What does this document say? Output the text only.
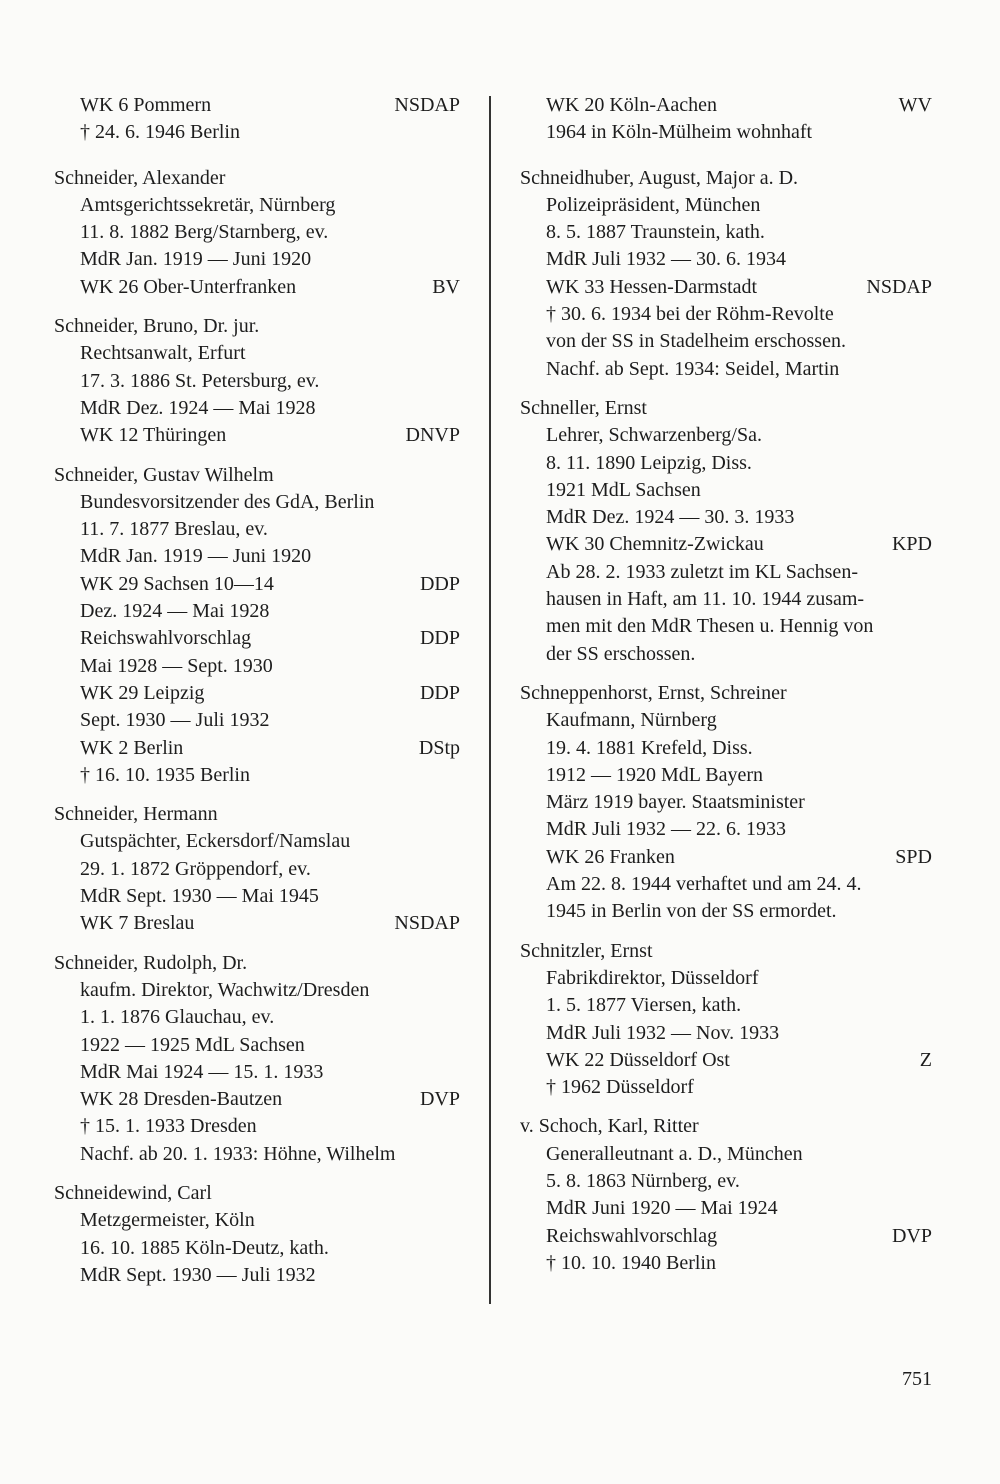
WK 6 Pommern	NSDAP
† 24. 6. 1946 Berlin
Schneider, Alexander
Amtsgerichtssekretär, Nürnberg
11. 8. 1882 Berg/Starnberg, ev.
MdR Jan. 1919 — Juni 1920
WK 26 Ober-Unterfranken	BV
Schneider, Bruno, Dr. jur.
Rechtsanwalt, Erfurt
17. 3. 1886 St. Petersburg, ev.
MdR Dez. 1924 — Mai 1928
WK 12 Thüringen	DNVP
Schneider, Gustav Wilhelm
Bundesvorsitzender des GdA, Berlin
11. 7. 1877 Breslau, ev.
MdR Jan. 1919 — Juni 1920
WK 29 Sachsen 10—14	DDP
Dez. 1924 — Mai 1928
Reichswahlvorschlag	DDP
Mai 1928 — Sept. 1930
WK 29 Leipzig	DDP
Sept. 1930 — Juli 1932
WK 2 Berlin	DStp
† 16. 10. 1935 Berlin
Schneider, Hermann
Gutspächter, Eckersdorf/Namslau
29. 1. 1872 Gröppendorf, ev.
MdR Sept. 1930 — Mai 1945
WK 7 Breslau	NSDAP
Schneider, Rudolph, Dr.
kaufm. Direktor, Wachwitz/Dresden
1. 1. 1876 Glauchau, ev.
1922 — 1925 MdL Sachsen
MdR Mai 1924 — 15. 1. 1933
WK 28 Dresden-Bautzen	DVP
† 15. 1. 1933 Dresden
Nachf. ab 20. 1. 1933: Höhne, Wilhelm
Schneidewind, Carl
Metzgermeister, Köln
16. 10. 1885 Köln-Deutz, kath.
MdR Sept. 1930 — Juli 1932
WK 20 Köln-Aachen	WV
1964 in Köln-Mülheim wohnhaft
Schneidhuber, August, Major a. D.
Polizeipräsident, München
8. 5. 1887 Traunstein, kath.
MdR Juli 1932 — 30. 6. 1934
WK 33 Hessen-Darmstadt	NSDAP
† 30. 6. 1934 bei der Röhm-Revolte
von der SS in Stadelheim erschossen.
Nachf. ab Sept. 1934: Seidel, Martin
Schneller, Ernst
Lehrer, Schwarzenberg/Sa.
8. 11. 1890 Leipzig, Diss.
1921 MdL Sachsen
MdR Dez. 1924 — 30. 3. 1933
WK 30 Chemnitz-Zwickau	KPD
Ab 28. 2. 1933 zuletzt im KL Sachsen-
hausen in Haft, am 11. 10. 1944 zusam-
men mit den MdR Thesen u. Hennig von
der SS erschossen.
Schneppenhorst, Ernst, Schreiner
Kaufmann, Nürnberg
19. 4. 1881 Krefeld, Diss.
1912 — 1920 MdL Bayern
März 1919 bayer. Staatsminister
MdR Juli 1932 — 22. 6. 1933
WK 26 Franken	SPD
Am 22. 8. 1944 verhaftet und am 24. 4.
1945 in Berlin von der SS ermordet.
Schnitzler, Ernst
Fabrikdirektor, Düsseldorf
1. 5. 1877 Viersen, kath.
MdR Juli 1932 — Nov. 1933
WK 22 Düsseldorf Ost	Z
† 1962 Düsseldorf
v. Schoch, Karl, Ritter
Generalleutnant a. D., München
5. 8. 1863 Nürnberg, ev.
MdR Juni 1920 — Mai 1924
Reichswahlvorschlag	DVP
† 10. 10. 1940 Berlin
751
